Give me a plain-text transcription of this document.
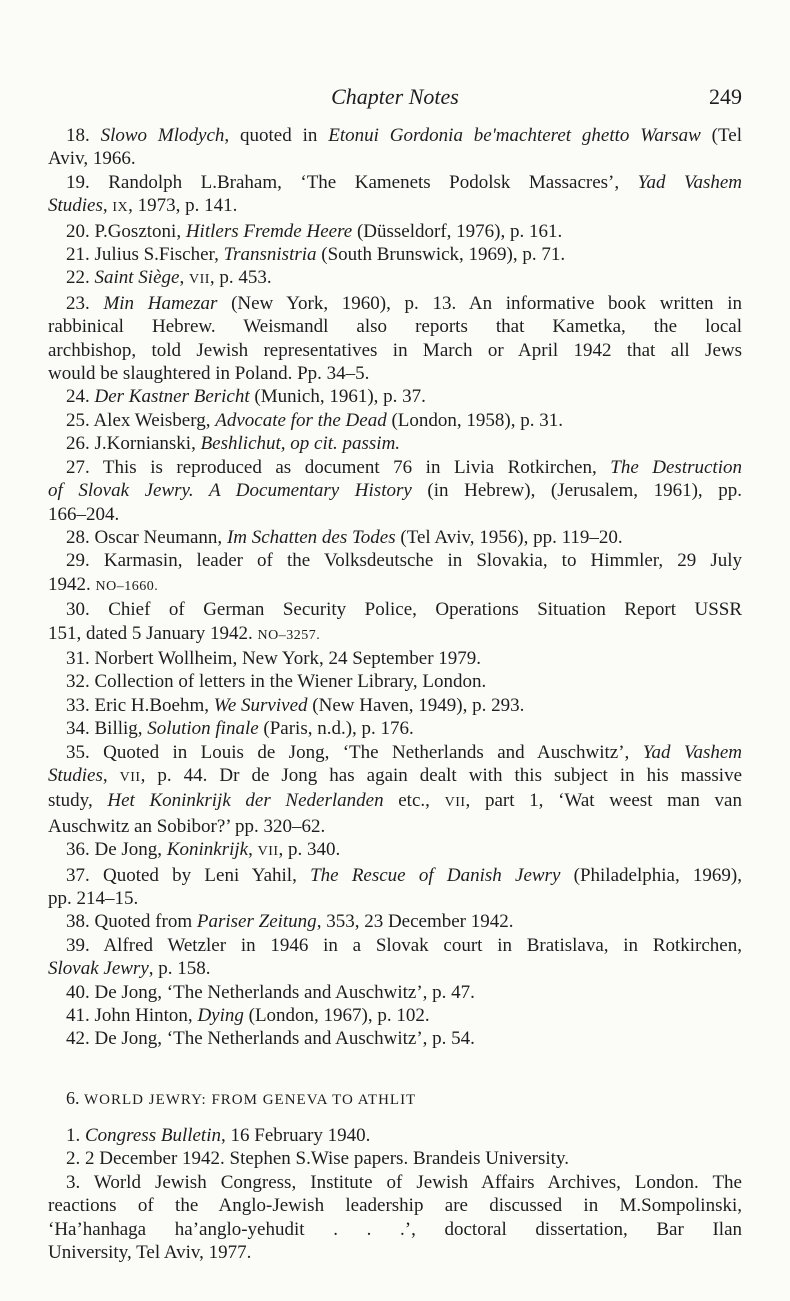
Chapter Notes	249
18. Slowo Mlodych, quoted in Etonui Gordonia be'machteret ghetto Warsaw (Tel
Aviv, 1966.
19. Randolph L.Braham, ‘The Kamenets Podolsk Massacres’, Yad Vashem
Studies, IX, 1973, p. 141.
20. P.Gosztoni, Hitlers Fremde Heere (Düsseldorf, 1976), p. 161.
21. Julius S.Fischer, Transnistria (South Brunswick, 1969), p. 71.
22. Saint Siège, VII, p. 453.
23. Min Hamezar (New York, 1960), p. 13. An informative book written in
rabbinical Hebrew. Weismandl also reports that Kametka, the local
archbishop, told Jewish representatives in March or April 1942 that all Jews
would be slaughtered in Poland. Pp. 34–5.
24. Der Kastner Bericht (Munich, 1961), p. 37.
25. Alex Weisberg, Advocate for the Dead (London, 1958), p. 31.
26. J.Kornianski, Beshlichut, op cit. passim.
27. This is reproduced as document 76 in Livia Rotkirchen, The Destruction
of Slovak Jewry. A Documentary History (in Hebrew), (Jerusalem, 1961), pp.
166–204.
28. Oscar Neumann, Im Schatten des Todes (Tel Aviv, 1956), pp. 119–20.
29. Karmasin, leader of the Volksdeutsche in Slovakia, to Himmler, 29 July
1942. NO–1660.
30. Chief of German Security Police, Operations Situation Report USSR
151, dated 5 January 1942. NO–3257.
31. Norbert Wollheim, New York, 24 September 1979.
32. Collection of letters in the Wiener Library, London.
33. Eric H.Boehm, We Survived (New Haven, 1949), p. 293.
34. Billig, Solution finale (Paris, n.d.), p. 176.
35. Quoted in Louis de Jong, ‘The Netherlands and Auschwitz’, Yad Vashem
Studies, VII, p. 44. Dr de Jong has again dealt with this subject in his massive
study, Het Koninkrijk der Nederlanden etc., VII, part 1, ‘Wat weest man van
Auschwitz an Sobibor?’ pp. 320–62.
36. De Jong, Koninkrijk, VII, p. 340.
37. Quoted by Leni Yahil, The Rescue of Danish Jewry (Philadelphia, 1969),
pp. 214–15.
38. Quoted from Pariser Zeitung, 353, 23 December 1942.
39. Alfred Wetzler in 1946 in a Slovak court in Bratislava, in Rotkirchen,
Slovak Jewry, p. 158.
40. De Jong, ‘The Netherlands and Auschwitz’, p. 47.
41. John Hinton, Dying (London, 1967), p. 102.
42. De Jong, ‘The Netherlands and Auschwitz’, p. 54.
6. WORLD JEWRY: FROM GENEVA TO ATHLIT
1. Congress Bulletin, 16 February 1940.
2. 2 December 1942. Stephen S.Wise papers. Brandeis University.
3. World Jewish Congress, Institute of Jewish Affairs Archives, London. The
reactions of the Anglo-Jewish leadership are discussed in M.Sompolinski,
‘Ha’hanhaga ha’anglo-yehudit . . .’, doctoral dissertation, Bar Ilan
University, Tel Aviv, 1977.
